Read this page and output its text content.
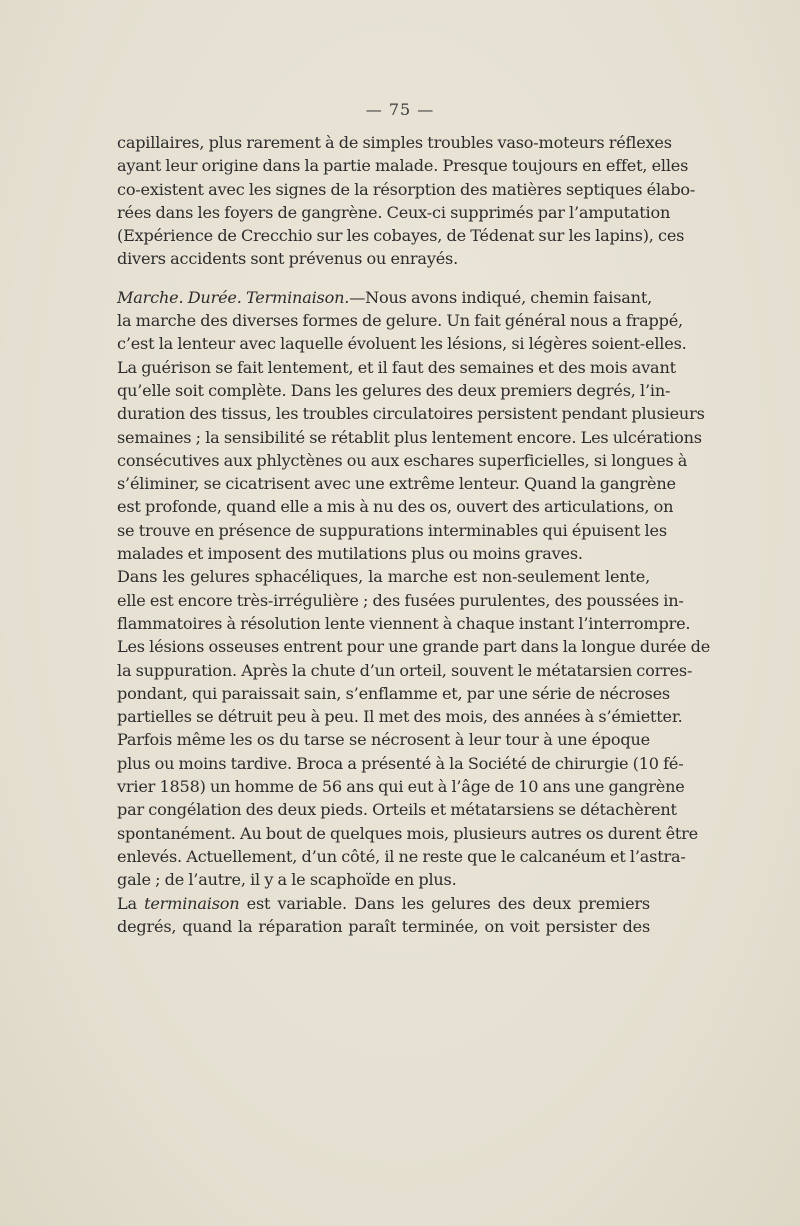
— 75 —
capillaires, plus rarement à de simples troubles vaso-moteurs réflexes
ayant leur origine dans la partie malade. Presque toujours en effet, elles
co-existent avec les signes de la résorption des matières septiques élabo-
rées dans les foyers de gangrène. Ceux-ci supprimés par l’amputation
(Expérience de Crecchio sur les cobayes, de Tédenat sur les lapins), ces
divers accidents sont prévenus ou enrayés.
Marche. Durée. Terminaison.—Nous avons indiqué, chemin faisant,
la marche des diverses formes de gelure. Un fait général nous a frappé,
c’est la lenteur avec laquelle évoluent les lésions, si légères soient-elles.
La guérison se fait lentement, et il faut des semaines et des mois avant
qu’elle soit complète. Dans les gelures des deux premiers degrés, l’in-
duration des tissus, les troubles circulatoires persistent pendant plusieurs
semaines ; la sensibilité se rétablit plus lentement encore. Les ulcérations
consécutives aux phlyctènes ou aux eschares superficielles, si longues à
s’éliminer, se cicatrisent avec une extrême lenteur. Quand la gangrène
est profonde, quand elle a mis à nu des os, ouvert des articulations, on
se trouve en présence de suppurations interminables qui épuisent les
malades et imposent des mutilations plus ou moins graves.
Dans les gelures sphacéliques, la marche est non-seulement lente,
elle est encore très-irrégulière ; des fusées purulentes, des poussées in-
flammatoires à résolution lente viennent à chaque instant l’interrompre.
Les lésions osseuses entrent pour une grande part dans la longue durée de
la suppuration. Après la chute d’un orteil, souvent le métatarsien corres-
pondant, qui paraissait sain, s’enflamme et, par une série de nécroses
partielles se détruit peu à peu. Il met des mois, des années à s’émietter.
Parfois même les os du tarse se nécrosent à leur tour à une époque
plus ou moins tardive. Broca a présenté à la Société de chirurgie (10 fé-
vrier 1858) un homme de 56 ans qui eut à l’âge de 10 ans une gangrène
par congélation des deux pieds. Orteils et métatarsiens se détachèrent
spontanément. Au bout de quelques mois, plusieurs autres os durent être
enlevés. Actuellement, d’un côté, il ne reste que le calcanéum et l’astra-
gale ; de l’autre, il y a le scaphoïde en plus.
La terminaison est variable. Dans les gelures des deux premiers
degrés, quand la réparation paraît terminée, on voit persister des
